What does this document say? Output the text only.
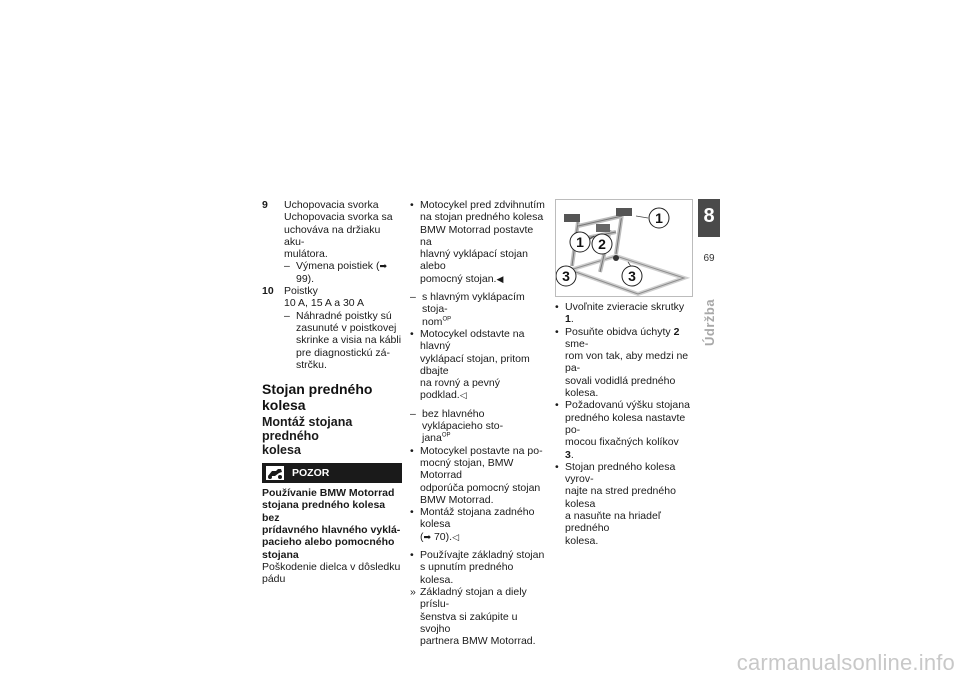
9 Uchopovacia svorka
Uchopovacia svorka sa
uchováva na držiaku aku-
mulátora.
– Výmena poistiek (➡ 99).
10 Poistky
10 A, 15 A a 30 A
– Náhradné poistky sú
zasunuté v poistkovej
skrinke a visia na kábli
pre diagnostickú zá-
strčku.
Stojan predného kolesa
Montáž stojana predného
kolesa
POZOR
Používanie BMW Motorrad
stojana predného kolesa bez
prídavného hlavného vyklá-
pacieho alebo pomocného
stojana
Poškodenie dielca v dôsledku
pádu
• Motocykel pred zdvihnutím
na stojan predného kolesa
BMW Motorrad postavte na
hlavný vyklápací stojan alebo
pomocný stojan.◀
– s hlavným vyklápacím stoja-
nom$^{OP}$
• Motocykel odstavte na hlavný
vyklápací stojan, pritom dbajte
na rovný a pevný podklad.◁
– bez hlavného vyklápacieho sto-
jana$^{OP}$
• Motocykel postavte na po-
mocný stojan, BMW Motorrad
odporúča pomocný stojan
BMW Motorrad.
• Montáž stojana zadného kolesa
(➡ 70).◁
• Používajte základný stojan
s upnutím predného kolesa.
» Základný stojan a diely príslu-
šenstva si zakúpite u svojho
partnera BMW Motorrad.
1
1 2
3	3
• Uvoľnite zvieracie skrutky 1.
• Posuňte obidva úchyty 2 sme-
rom von tak, aby medzi ne pa-
sovali vodidlá predného kolesa.
• Požadovanú výšku stojana
predného kolesa nastavte po-
mocou fixačných kolíkov 3.
• Stojan predného kolesa vyrov-
najte na stred predného kolesa
a nasuňte na hriadeľ predného
kolesa.
8
69
Údržba
carmanualsonline.info
